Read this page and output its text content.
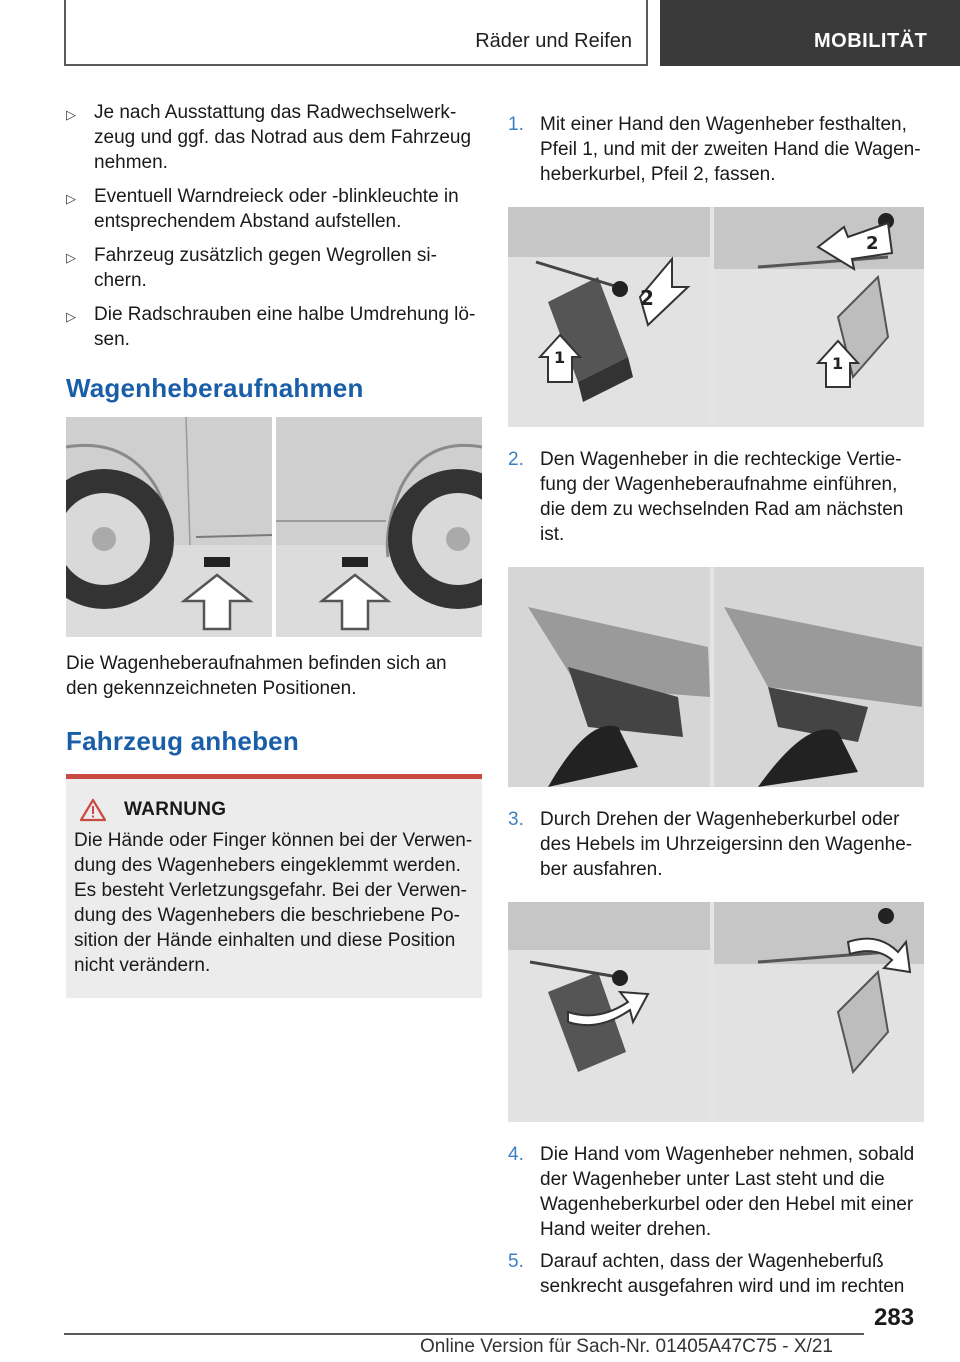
Räder und Reifen	MOBILITÄT
▷ Je nach Ausstattung das Radwechselwerkzeug und ggf. das Notrad aus dem Fahrzeug nehmen.
▷ Eventuell Warndreieck oder -blinkleuchte in entsprechendem Abstand aufstellen.
▷ Fahrzeug zusätzlich gegen Wegrollen sichern.
▷ Die Radschrauben eine halbe Umdrehung lösen.
Wagenheberaufnahmen

Die Wagenheberaufnahmen befinden sich an den gekennzeichneten Positionen.

Fahrzeug anheben
WARNUNG

Die Hände oder Finger können bei der Verwendung des Wagenhebers eingeklemmt werden. Es besteht Verletzungsgefahr. Bei der Verwendung des Wagenhebers die beschriebene Position der Hände einhalten und diese Position nicht verändern.

1. Mit einer Hand den Wagenheber festhalten, Pfeil 1, und mit der zweiten Hand die Wagenheberkurbel, Pfeil 2, fassen.
2
1
2
1
2. Den Wagenheber in die rechteckige Vertiefung der Wagenheberaufnahme einführen, die dem zu wechselnden Rad am nächsten ist.
3. Durch Drehen der Wagenheberkurbel oder des Hebels im Uhrzeigersinn den Wagenheber ausfahren.
4. Die Hand vom Wagenheber nehmen, sobald der Wagenheber unter Last steht und die Wagenheberkurbel oder den Hebel mit einer Hand weiter drehen.
5. Darauf achten, dass der Wagenheberfuß senkrecht ausgefahren wird und im rechten
283
Online Version für Sach-Nr. 01405A47C75 - X/21
